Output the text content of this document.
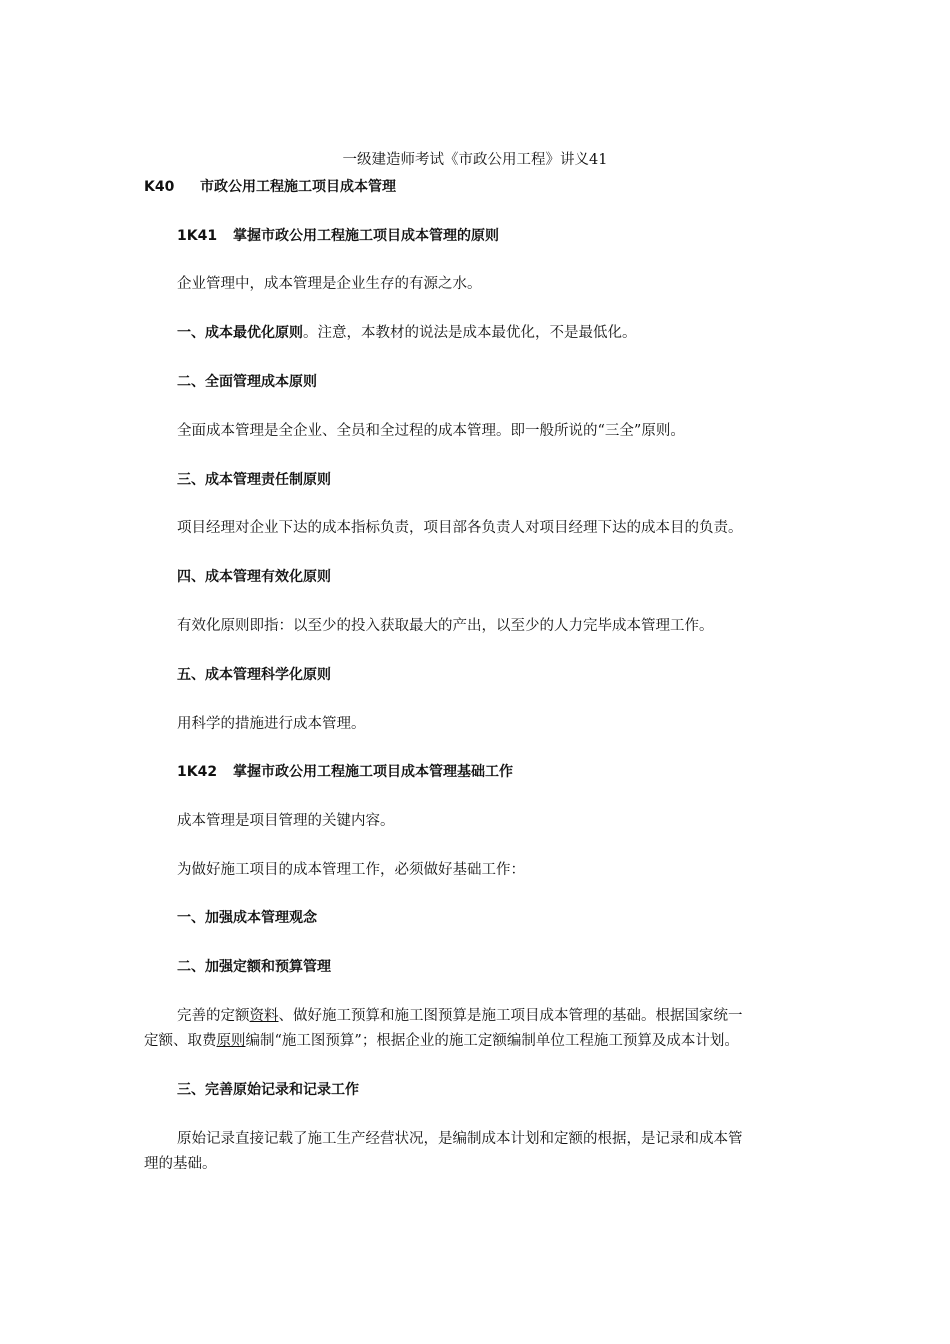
一级建造师考试《市政公用工程》讲义41
K40 市政公用工程施工项目成本管理
1K41 掌握市政公用工程施工项目成本管理的原则
企业管理中，成本管理是企业生存的有源之水。
一、成本最优化原则。注意，本教材的说法是成本最优化，不是最低化。
二、全面管理成本原则
全面成本管理是全企业、全员和全过程的成本管理。即一般所说的“三全”原则。
三、成本管理责任制原则
项目经理对企业下达的成本指标负责，项目部各负责人对项目经理下达的成本目的负责。
四、成本管理有效化原则
有效化原则即指：以至少的投入获取最大的产出，以至少的人力完毕成本管理工作。
五、成本管理科学化原则
用科学的措施进行成本管理。
1K42 掌握市政公用工程施工项目成本管理基础工作
成本管理是项目管理的关键内容。
为做好施工项目的成本管理工作，必须做好基础工作：
一、加强成本管理观念
二、加强定额和预算管理
完善的定额资料、做好施工预算和施工图预算是施工项目成本管理的基础。根据国家统一
定额、取费原则编制“施工图预算”；根据企业的施工定额编制单位工程施工预算及成本计划。
三、完善原始记录和记录工作
原始记录直接记载了施工生产经营状况，是编制成本计划和定额的根据，是记录和成本管
理的基础。
